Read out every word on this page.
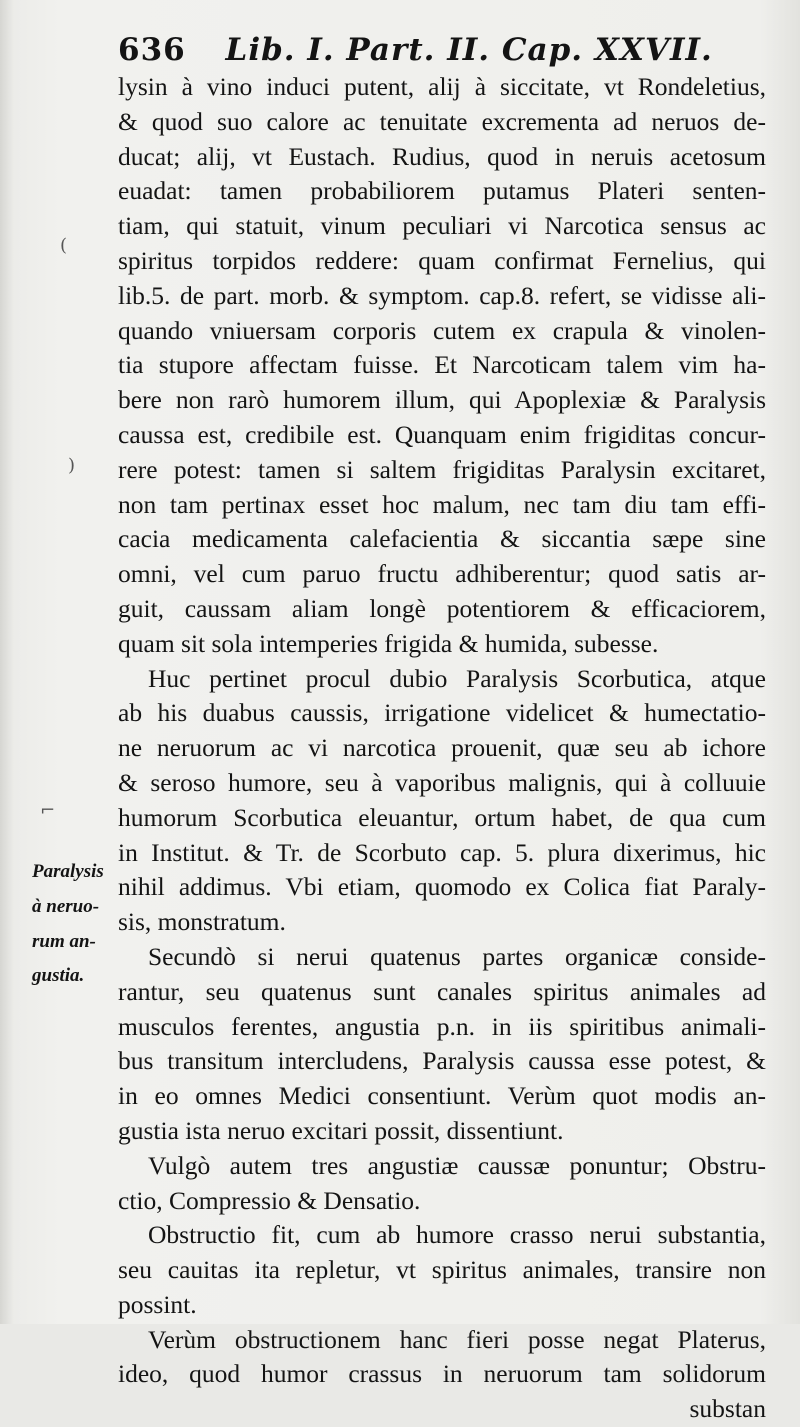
636 Lib. I. Part. II. Cap. XXVII.
Paralysis
à neruo-
rum an-
gustia.
lysin à vino induci putent, alij à siccitate, vt Rondeletius,
& quod suo calore ac tenuitate excrementa ad neruos de-
ducat; alij, vt Eustach. Rudius, quod in neruis acetosum
euadat: tamen probabiliorem putamus Plateri senten-
tiam, qui statuit, vinum peculiari vi Narcotica sensus ac
spiritus torpidos reddere: quam confirmat Fernelius, qui
lib.5. de part. morb. & symptom. cap.8. refert, se vidisse ali-
quando vniuersam corporis cutem ex crapula & vinolen-
tia stupore affectam fuisse. Et Narcoticam talem vim ha-
bere non rarò humorem illum, qui Apoplexiæ & Paralysis
caussa est, credibile est. Quanquam enim frigiditas concur-
rere potest: tamen si saltem frigiditas Paralysin excitaret,
non tam pertinax esset hoc malum, nec tam diu tam effi-
cacia medicamenta calefacientia & siccantia sæpe sine
omni, vel cum paruo fructu adhiberentur; quod satis ar-
guit, caussam aliam longè potentiorem & efficaciorem,
quam sit sola intemperies frigida & humida, subesse.
Huc pertinet procul dubio Paralysis Scorbutica, atque
ab his duabus caussis, irrigatione videlicet & humectatio-
ne neruorum ac vi narcotica prouenit, quæ seu ab ichore
& seroso humore, seu à vaporibus malignis, qui à colluuie
humorum Scorbutica eleuantur, ortum habet, de qua cum
in Institut. & Tr. de Scorbuto cap. 5. plura dixerimus, hic
nihil addimus. Vbi etiam, quomodo ex Colica fiat Paraly-
sis, monstratum.
Secundò si nerui quatenus partes organicæ conside-
rantur, seu quatenus sunt canales spiritus animales ad
musculos ferentes, angustia p.n. in iis spiritibus animali-
bus transitum intercludens, Paralysis caussa esse potest, &
in eo omnes Medici consentiunt. Verùm quot modis an-
gustia ista neruo excitari possit, dissentiunt.
Vulgò autem tres angustiæ caussæ ponuntur; Obstru-
ctio, Compressio & Densatio.
Obstructio fit, cum ab humore crasso nerui substantia,
seu cauitas ita repletur, vt spiritus animales, transire non
possint.
Verùm obstructionem hanc fieri posse negat Platerus,
ideo, quod humor crassus in neruorum tam solidorum
substan
(
)
⌐
